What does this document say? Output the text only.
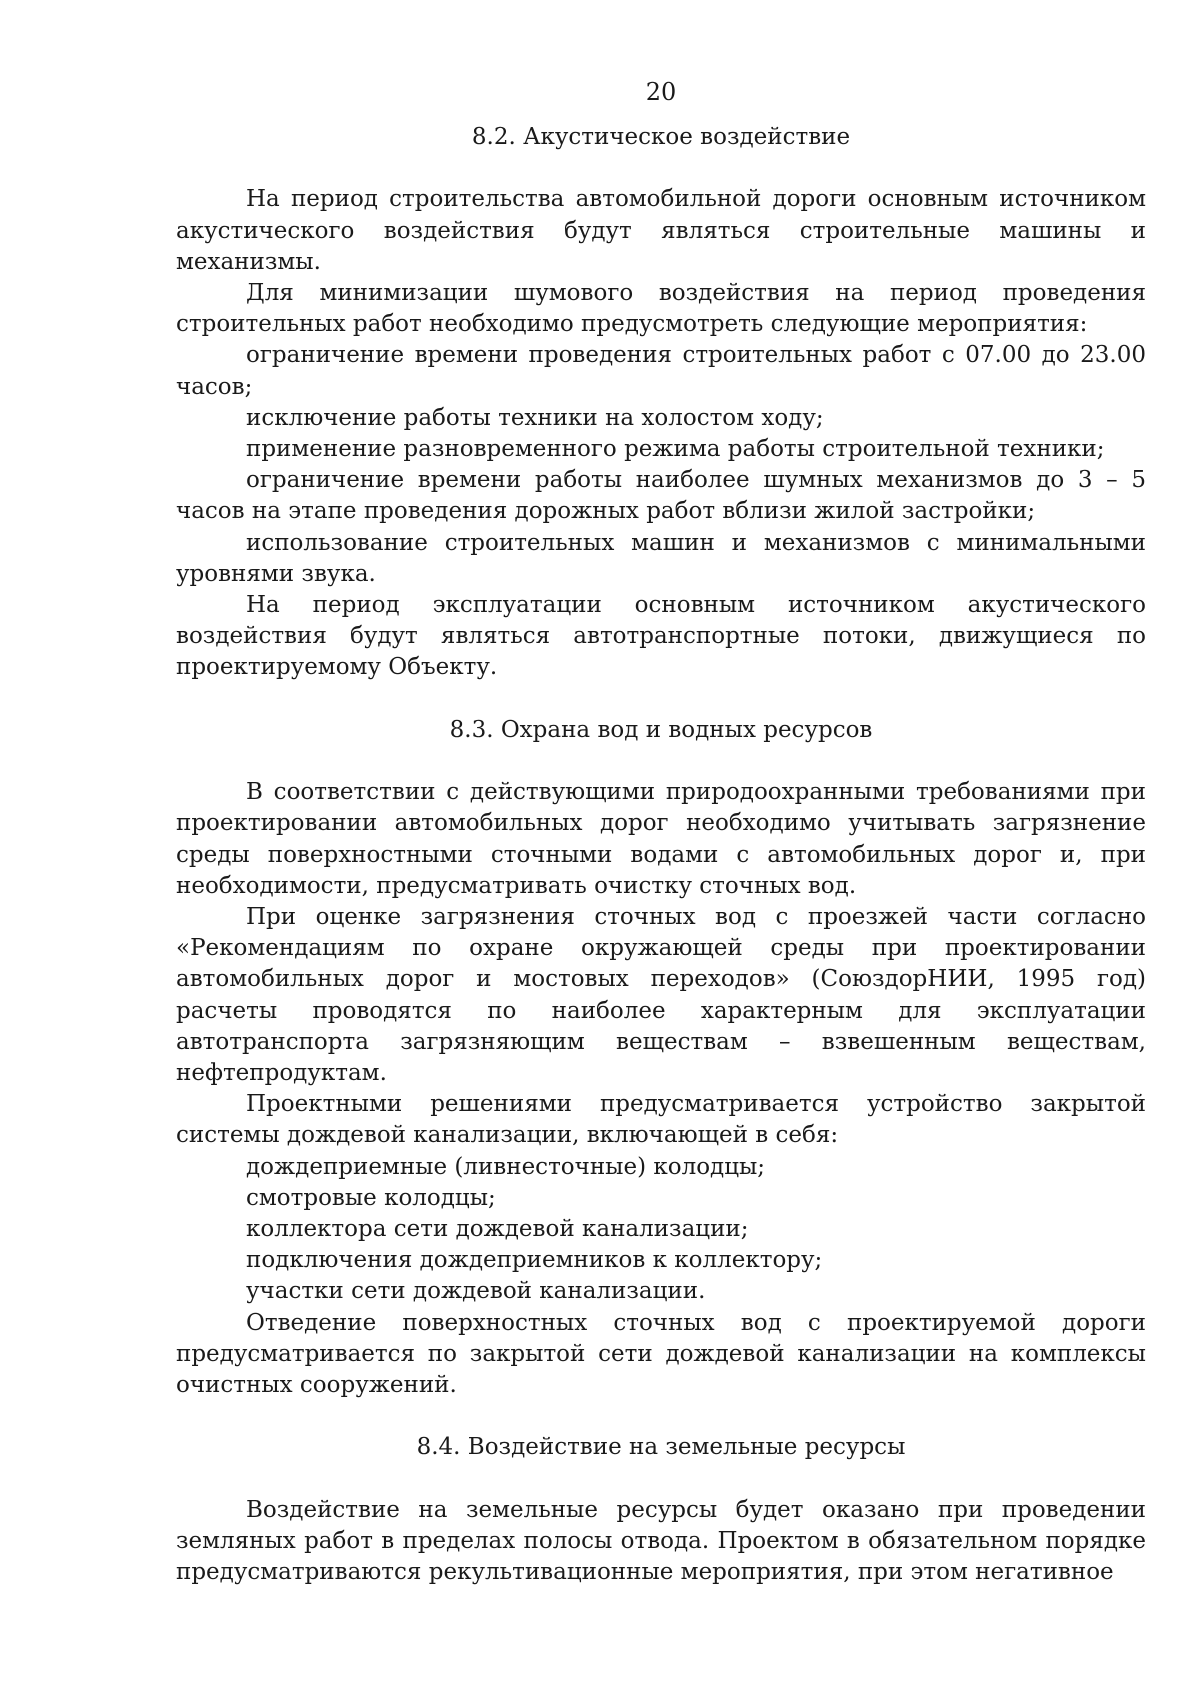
20
8.2. Акустическое воздействие

На период строительства автомобильной дороги основным источником акустического воздействия будут являться строительные машины и механизмы.

Для минимизации шумового воздействия на период проведения строительных работ необходимо предусмотреть следующие мероприятия:

ограничение времени проведения строительных работ с 07.00 до 23.00 часов;

исключение работы техники на холостом ходу;

применение разновременного режима работы строительной техники;

ограничение времени работы наиболее шумных механизмов до 3 – 5 часов на этапе проведения дорожных работ вблизи жилой застройки;

использование строительных машин и механизмов с минимальными уровнями звука.

На период эксплуатации основным источником акустического воздействия будут являться автотранспортные потоки, движущиеся по проектируемому Объекту.

8.3. Охрана вод и водных ресурсов

В соответствии с действующими природоохранными требованиями при проектировании автомобильных дорог необходимо учитывать загрязнение среды поверхностными сточными водами с автомобильных дорог и, при необходимости, предусматривать очистку сточных вод.

При оценке загрязнения сточных вод с проезжей части согласно «Рекомендациям по охране окружающей среды при проектировании автомобильных дорог и мостовых переходов» (СоюздорНИИ, 1995 год) расчеты проводятся по наиболее характерным для эксплуатации автотранспорта загрязняющим веществам – взвешенным веществам, нефтепродуктам.

Проектными решениями предусматривается устройство закрытой системы дождевой канализации, включающей в себя:

дождеприемные (ливнесточные) колодцы;

смотровые колодцы;

коллектора сети дождевой канализации;

подключения дождеприемников к коллектору;

участки сети дождевой канализации.

Отведение поверхностных сточных вод с проектируемой дороги предусматривается по закрытой сети дождевой канализации на комплексы очистных сооружений.

8.4. Воздействие на земельные ресурсы

Воздействие на земельные ресурсы будет оказано при проведении земляных работ в пределах полосы отвода. Проектом в обязательном порядке предусматриваются рекультивационные мероприятия, при этом негативное
